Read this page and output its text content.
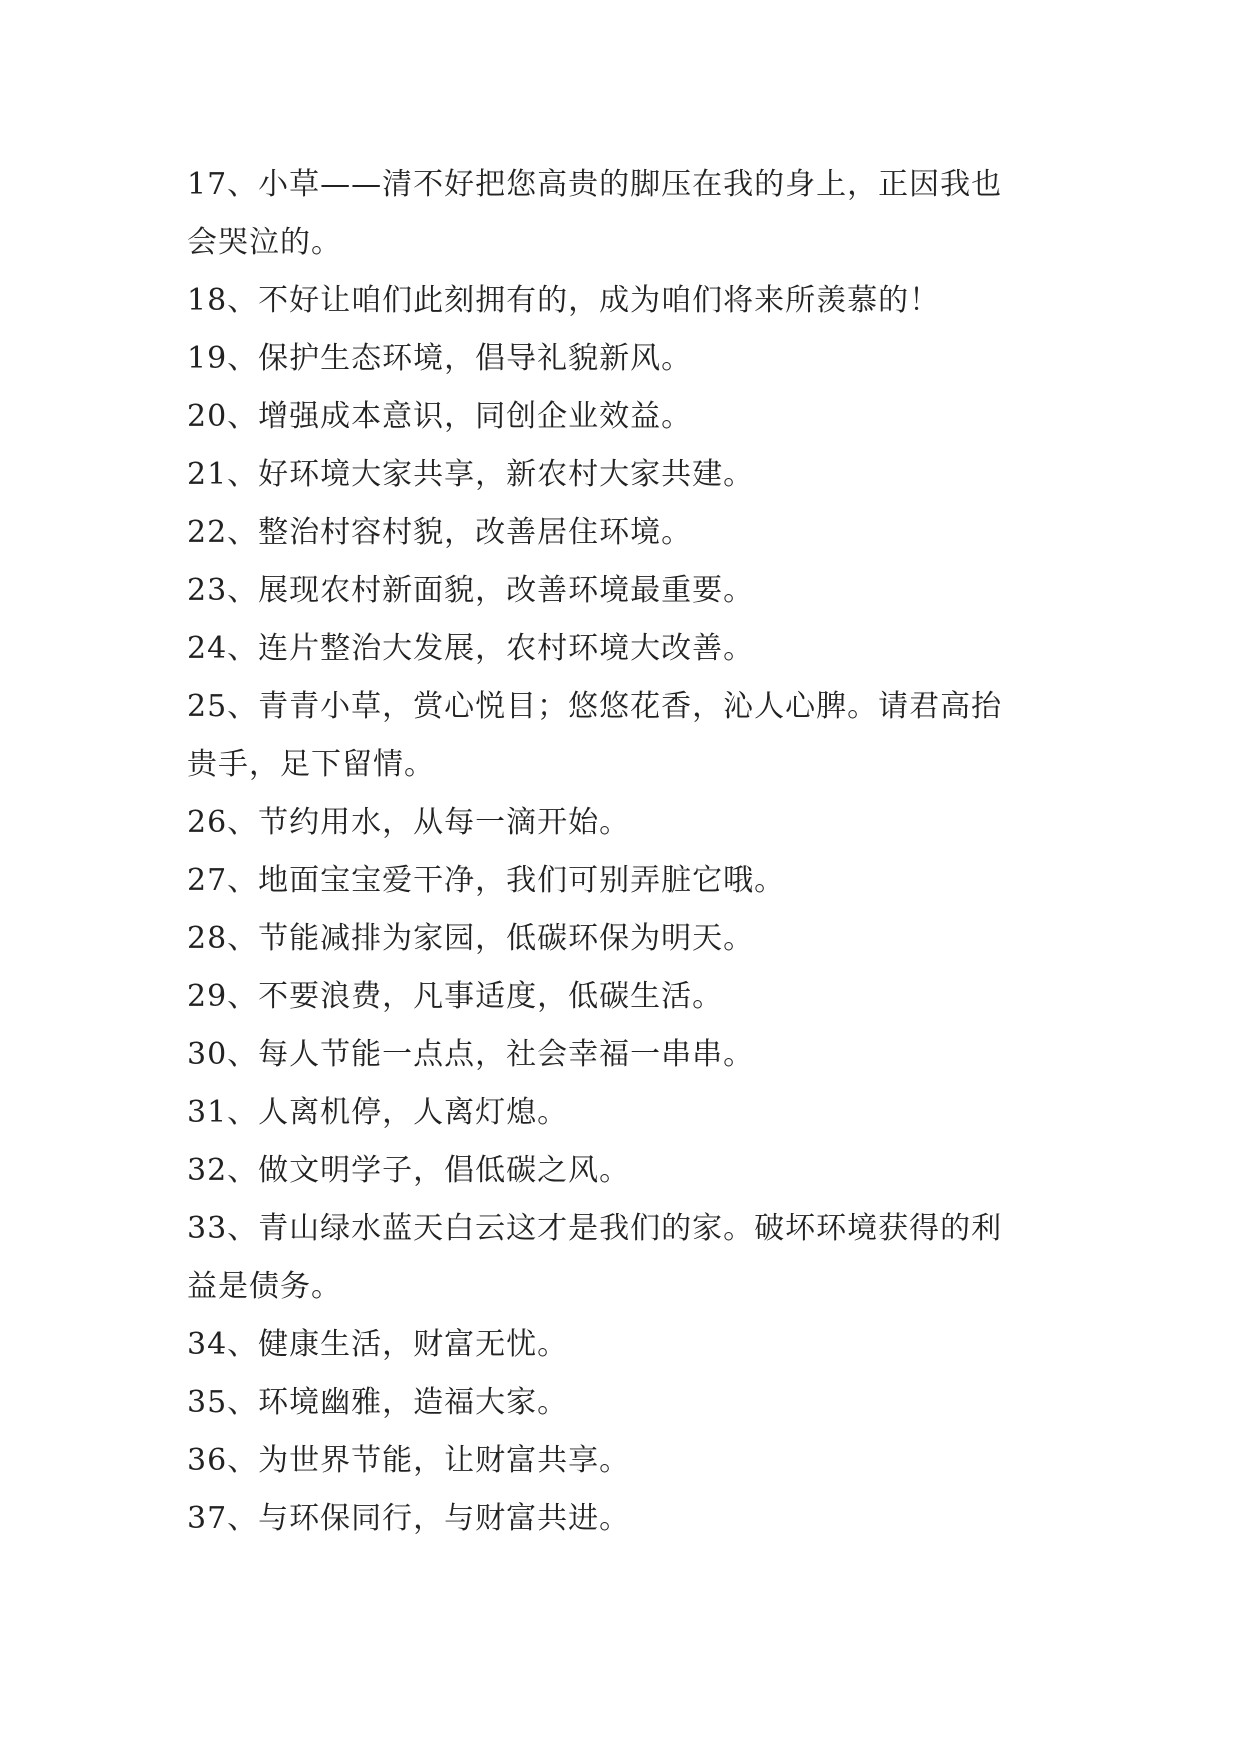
17、小草——清不好把您高贵的脚压在我的身上，正因我也

会哭泣的。

18、不好让咱们此刻拥有的，成为咱们将来所羡慕的！

19、保护生态环境，倡导礼貌新风。

20、增强成本意识，同创企业效益。

21、好环境大家共享，新农村大家共建。

22、整治村容村貌，改善居住环境。

23、展现农村新面貌，改善环境最重要。

24、连片整治大发展，农村环境大改善。

25、青青小草，赏心悦目；悠悠花香，沁人心脾。请君高抬

贵手，足下留情。

26、节约用水，从每一滴开始。

27、地面宝宝爱干净，我们可别弄脏它哦。

28、节能减排为家园，低碳环保为明天。

29、不要浪费，凡事适度，低碳生活。

30、每人节能一点点，社会幸福一串串。

31、人离机停，人离灯熄。

32、做文明学子，倡低碳之风。

33、青山绿水蓝天白云这才是我们的家。破坏环境获得的利

益是债务。

34、健康生活，财富无忧。

35、环境幽雅，造福大家。

36、为世界节能，让财富共享。

37、与环保同行，与财富共进。
